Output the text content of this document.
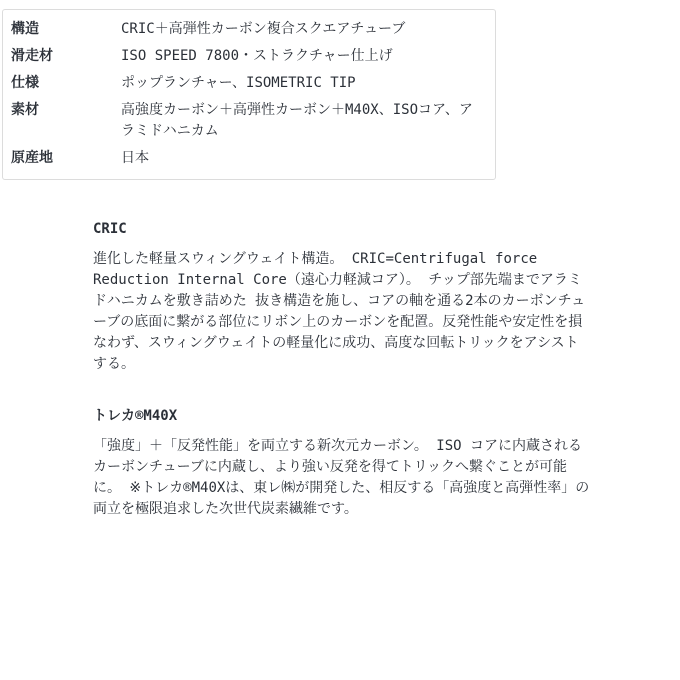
構造	CRIC＋高弾性カーボン複合スクエアチューブ
滑走材	ISO SPEED 7800・ストラクチャー仕上げ
仕様	ポップランチャー、ISOMETRIC TIP
素材	高強度カーボン＋高弾性カーボン＋M40X、ISOコア、アラミドハニカム
原産地	日本
CRIC

進化した軽量スウィングウェイト構造。 CRIC=Centrifugal force Reduction Internal Core（遠心力軽減コア）。 チップ部先端までアラミドハニカムを敷き詰めた 抜き構造を施し、コアの軸を通る2本のカーボンチューブの底面に繋がる部位にリボン上のカーボンを配置。反発性能や安定性を損なわず、スウィングウェイトの軽量化に成功、高度な回転トリックをアシストする。

トレカ®M40X

「強度」＋「反発性能」を両立する新次元カーボン。 ISO コアに内蔵されるカーボンチューブに内蔵し、より強い反発を得てトリックへ繋ぐことが可能に。 ※トレカ®M40Xは、東レ㈱が開発した、相反する「高強度と高弾性率」の両立を極限追求した次世代炭素繊維です。
